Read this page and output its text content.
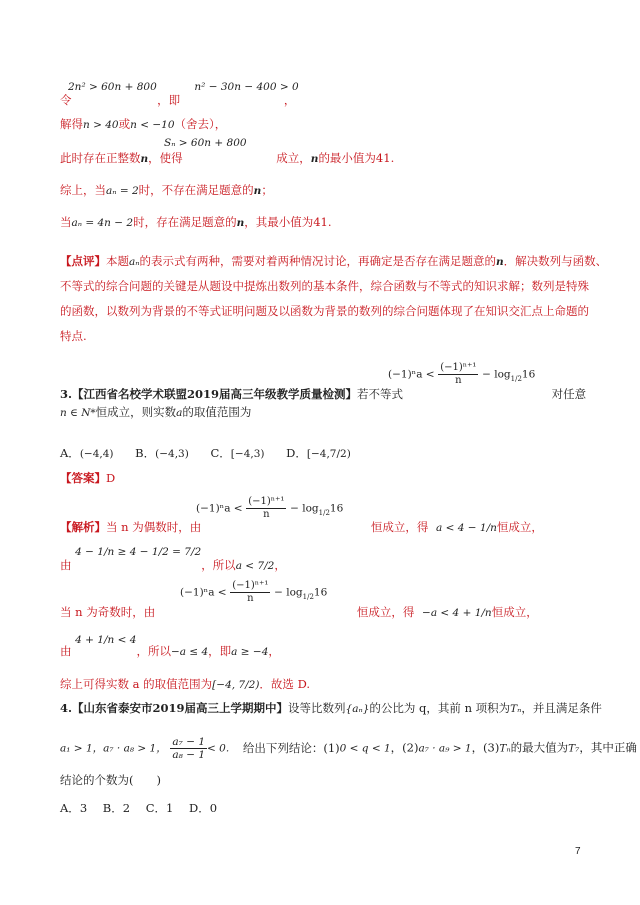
2n² > 60n + 800	n² − 30n − 400 > 0
令	，即	，
解得n > 40或n < −10（舍去），
Sₙ > 60n + 800
此时存在正整数n，使得	成立，n的最小值为41.
综上，当aₙ = 2时，不存在满足题意的n；
当aₙ = 4n − 2时，存在满足题意的n，其最小值为41.
【点评】本题aₙ的表示式有两种，需要对着两种情况讨论，再确定是否存在满足题意的n．解决数列与函数、
不等式的综合问题的关键是从题设中提炼出数列的基本条件，综合函数与不等式的知识求解；数列是特殊
的函数，以数列为背景的不等式证明问题及以函数为背景的数列的综合问题体现了在知识交汇点上命题的
特点.
$(-1)^na < \frac{\text{(−1)ⁿ⁺¹}}{n} - \log_{1/2}16$
3.【江西省名校学术联盟2019届高三年级教学质量检测】若不等式	对任意
n ∈ N*恒成立，则实数a的取值范围为
A．(−4,4) B．(−4,3) C．[−4,3) D．[−4,7/2)
【答案】D
$(-1)^na < \frac{\text{(−1)ⁿ⁺¹}}{n} - \log_{1/2}16$
【解析】当 n 为偶数时，由	恒成立，得 a < 4 − 1/n恒成立，
由 4 − 1/n ≥ 4 − 1/2 = 7/2，所以a < 7/2，
$(-1)^na < \frac{\text{(−1)ⁿ⁺¹}}{n} - \log_{1/2}16$
当 n 为奇数时，由	恒成立，得 −a < 4 + 1/n恒成立，
由 4 + 1/n < 4，所以−a ≤ 4，即a ≥ −4，
综上可得实数 a 的取值范围为[−4, 7/2)．故选 D.
4.【山东省泰安市2019届高三上学期期中】设等比数列{aₙ}的公比为 q，其前 n 项积为Tₙ，并且满足条件
a₁ > 1，a₇ · a₈ > 1， $\frac{\text{a₇ − 1}}{\text{a₈ − 1}} < 0$. 给出下列结论：(1)0 < q < 1，(2)a₇ · a₉ > 1，(3)Tₙ的最大值为T₇，其中正确
结论的个数为(　　)
A．3 B．2 C．1 D．0
7
